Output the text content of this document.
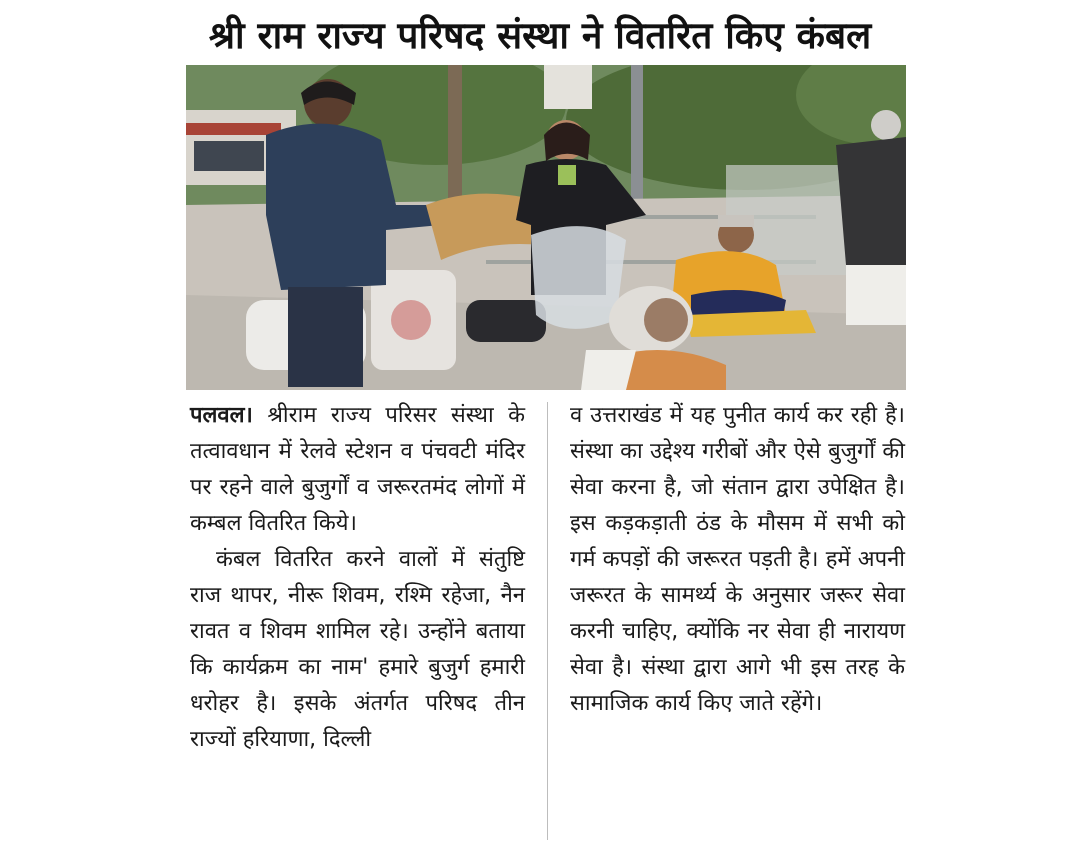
श्री राम राज्य परिषद संस्था ने वितरित किए कंबल

पलवल। श्रीराम राज्य परिसर संस्था के तत्वावधान में रेलवे स्टेशन व पंचवटी मंदिर पर रहने वाले बुजुर्गों व जरूरतमंद लोगों में कम्बल वितरित किये।

कंबल वितरित करने वालों में संतुष्टि राज थापर, नीरू शिवम, रश्मि रहेजा, नैन रावत व शिवम शामिल रहे। उन्होंने बताया कि कार्यक्रम का नाम' हमारे बुजुर्ग हमारी धरोहर है। इसके अंतर्गत परिषद तीन राज्यों हरियाणा, दिल्ली

व उत्तराखंड में यह पुनीत कार्य कर रही है। संस्था का उद्देश्य गरीबों और ऐसे बुजुर्गों की सेवा करना है, जो संतान द्वारा उपेक्षित है। इस कड़कड़ाती ठंड के मौसम में सभी को गर्म कपड़ों की जरूरत पड़ती है। हमें अपनी जरूरत के सामर्थ्य के अनुसार जरूर सेवा करनी चाहिए, क्योंकि नर सेवा ही नारायण सेवा है। संस्था द्वारा आगे भी इस तरह के सामाजिक कार्य किए जाते रहेंगे।
